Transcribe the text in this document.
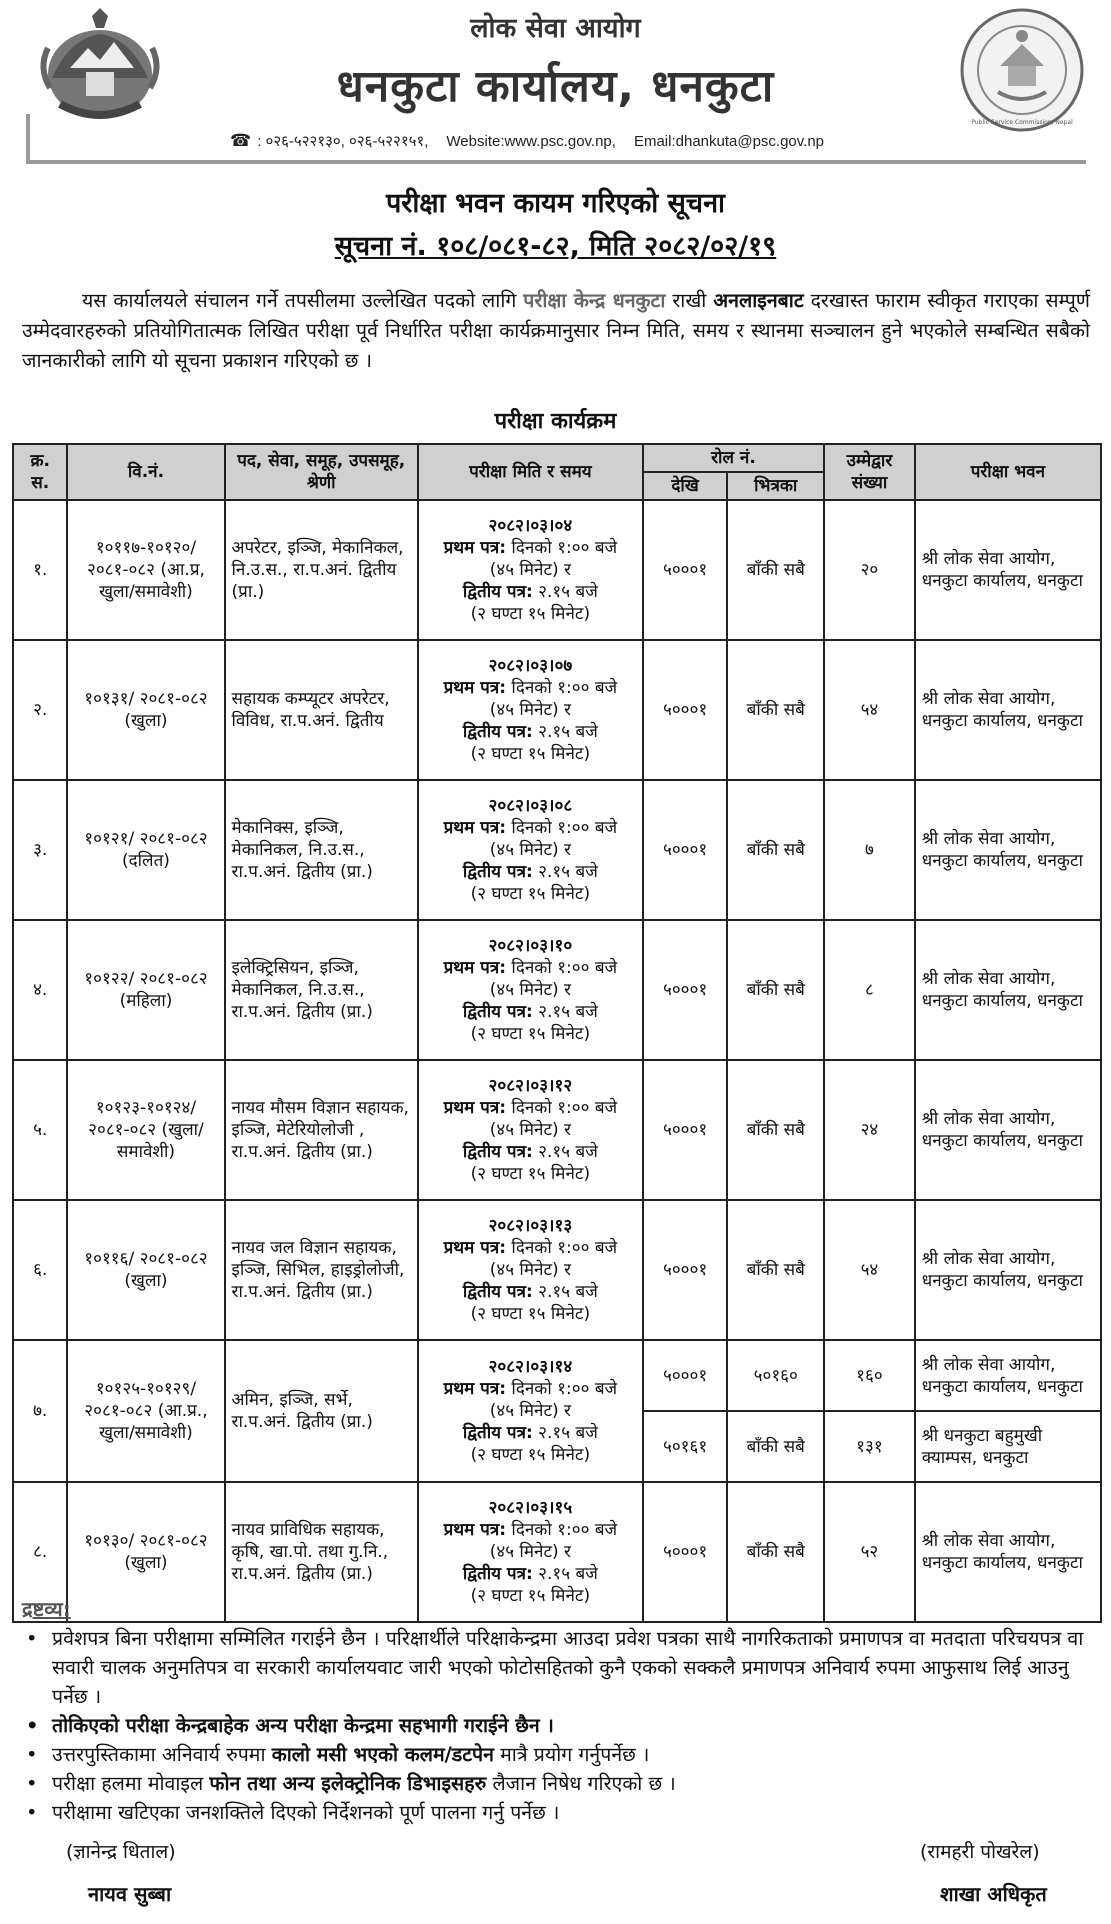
लोक सेवा आयोग
धनकुटा कार्यालय, धनकुटा
Public Service Commission, Nepal
☎ : ०२६-५२२१३०, ०२६-५२२१५१, Website:www.psc.gov.np, Email:dhankuta@psc.gov.np
परीक्षा भवन कायम गरिएको सूचना
सूचना नं. १०८/०८१-८२, मिति २०८२/०२/१९
यस कार्यालयले संचालन गर्ने तपसीलमा उल्लेखित पदको लागि परीक्षा केन्द्र धनकुटा राखी अनलाइनबाट दरखास्त फाराम स्वीकृत गराएका सम्पूर्ण उम्मेदवारहरुको प्रतियोगितात्मक लिखित परीक्षा पूर्व निर्धारित परीक्षा कार्यक्रमानुसार निम्न मिति, समय र स्थानमा सञ्चालन हुने भएकोले सम्बन्धित सबैको जानकारीको लागि यो सूचना प्रकाशन गरिएको छ ।
परीक्षा कार्यक्रम
क्र. स.	वि.नं.	पद, सेवा, समूह, उपसमूह, श्रेणी	परीक्षा मिति र समय	रोल नं.		उम्मेद्वार संख्या	परीक्षा भवन
				देखि	भित्रका		
१.	१०११७-१०१२०/ २०८१-०८२ (आ.प्र, खुला/समावेशी)	अपरेटर, इञ्जि, मेकानिकल, नि.उ.स., रा.प.अनं. द्वितीय (प्रा.)	२०८२।०३।०४
प्रथम पत्र: दिनको १:०० बजे
(४५ मिनेट) र
द्वितीय पत्र: २.१५ बजे
(२ घण्टा १५ मिनेट)	५०००१	बाँकी सबै	२०	श्री लोक सेवा आयोग, धनकुटा कार्यालय, धनकुटा
२.	१०१३१/ २०८१-०८२ (खुला)	सहायक कम्प्यूटर अपरेटर, विविध, रा.प.अनं. द्वितीय	२०८२।०३।०७
प्रथम पत्र: दिनको १:०० बजे
(४५ मिनेट) र
द्वितीय पत्र: २.१५ बजे
(२ घण्टा १५ मिनेट)	५०००१	बाँकी सबै	५४	श्री लोक सेवा आयोग, धनकुटा कार्यालय, धनकुटा
३.	१०१२१/ २०८१-०८२ (दलित)	मेकानिक्स, इञ्जि, मेकानिकल, नि.उ.स., रा.प.अनं. द्वितीय (प्रा.)	२०८२।०३।०८
प्रथम पत्र: दिनको १:०० बजे
(४५ मिनेट) र
द्वितीय पत्र: २.१५ बजे
(२ घण्टा १५ मिनेट)	५०००१	बाँकी सबै	७	श्री लोक सेवा आयोग, धनकुटा कार्यालय, धनकुटा
४.	१०१२२/ २०८१-०८२ (महिला)	इलेक्ट्रिसियन, इञ्जि, मेकानिकल, नि.उ.स., रा.प.अनं. द्वितीय (प्रा.)	२०८२।०३।१०
प्रथम पत्र: दिनको १:०० बजे
(४५ मिनेट) र
द्वितीय पत्र: २.१५ बजे
(२ घण्टा १५ मिनेट)	५०००१	बाँकी सबै	८	श्री लोक सेवा आयोग, धनकुटा कार्यालय, धनकुटा
५.	१०१२३-१०१२४/ २०८१-०८२ (खुला/समावेशी)	नायव मौसम विज्ञान सहायक, इञ्जि, मेटेरियोलोजी , रा.प.अनं. द्वितीय (प्रा.)	२०८२।०३।१२
प्रथम पत्र: दिनको १:०० बजे
(४५ मिनेट) र
द्वितीय पत्र: २.१५ बजे
(२ घण्टा १५ मिनेट)	५०००१	बाँकी सबै	२४	श्री लोक सेवा आयोग, धनकुटा कार्यालय, धनकुटा
६.	१०११६/ २०८१-०८२ (खुला)	नायव जल विज्ञान सहायक, इञ्जि, सिभिल, हाइड्रोलोजी, रा.प.अनं. द्वितीय (प्रा.)	२०८२।०३।१३
प्रथम पत्र: दिनको १:०० बजे
(४५ मिनेट) र
द्वितीय पत्र: २.१५ बजे
(२ घण्टा १५ मिनेट)	५०००१	बाँकी सबै	५४	श्री लोक सेवा आयोग, धनकुटा कार्यालय, धनकुटा
७.	१०१२५-१०१२९/ २०८१-०८२ (आ.प्र., खुला/समावेशी)	अमिन, इञ्जि, सर्भे, रा.प.अनं. द्वितीय (प्रा.)	२०८२।०३।१४
प्रथम पत्र: दिनको १:०० बजे
(४५ मिनेट) र
द्वितीय पत्र: २.१५ बजे
(२ घण्टा १५ मिनेट)	५०००१	५०१६०	१६०	श्री लोक सेवा आयोग, धनकुटा कार्यालय, धनकुटा
				५०१६१	बाँकी सबै	१३१	श्री धनकुटा बहुमुखी क्याम्पस, धनकुटा
८.	१०१३०/ २०८१-०८२ (खुला)	नायव प्राविधिक सहायक, कृषि, खा.पो. तथा गु.नि., रा.प.अनं. द्वितीय (प्रा.)	२०८२।०३।१५
प्रथम पत्र: दिनको १:०० बजे
(४५ मिनेट) र
द्वितीय पत्र: २.१५ बजे
(२ घण्टा १५ मिनेट)	५०००१	बाँकी सबै	५२	श्री लोक सेवा आयोग, धनकुटा कार्यालय, धनकुटा
द्रष्टव्य:
• प्रवेशपत्र बिना परीक्षामा सम्मिलित गराईने छैन । परिक्षार्थीले परिक्षाकेन्द्रमा आउदा प्रवेश पत्रका साथै नागरिकताको प्रमाणपत्र वा मतदाता परिचयपत्र वा सवारी चालक अनुमतिपत्र वा सरकारी कार्यालयवाट जारी भएको फोटोसहितको कुनै एकको सक्कलै प्रमाणपत्र अनिवार्य रुपमा आफुसाथ लिई आउनु पर्नेछ ।
• तोकिएको परीक्षा केन्द्रबाहेक अन्य परीक्षा केन्द्रमा सहभागी गराईने छैन ।
• उत्तरपुस्तिकामा अनिवार्य रुपमा कालो मसी भएको कलम/डटपेन मात्रै प्रयोग गर्नुपर्नेछ ।
• परीक्षा हलमा मोवाइल फोन तथा अन्य इलेक्ट्रोनिक डिभाइसहरु लैजान निषेध गरिएको छ ।
• परीक्षामा खटिएका जनशक्तिले दिएको निर्देशनको पूर्ण पालना गर्नु पर्नेछ ।
(ज्ञानेन्द्र धिताल)
नायव सुब्बा
(रामहरी पोखरेल)
शाखा अधिकृत
